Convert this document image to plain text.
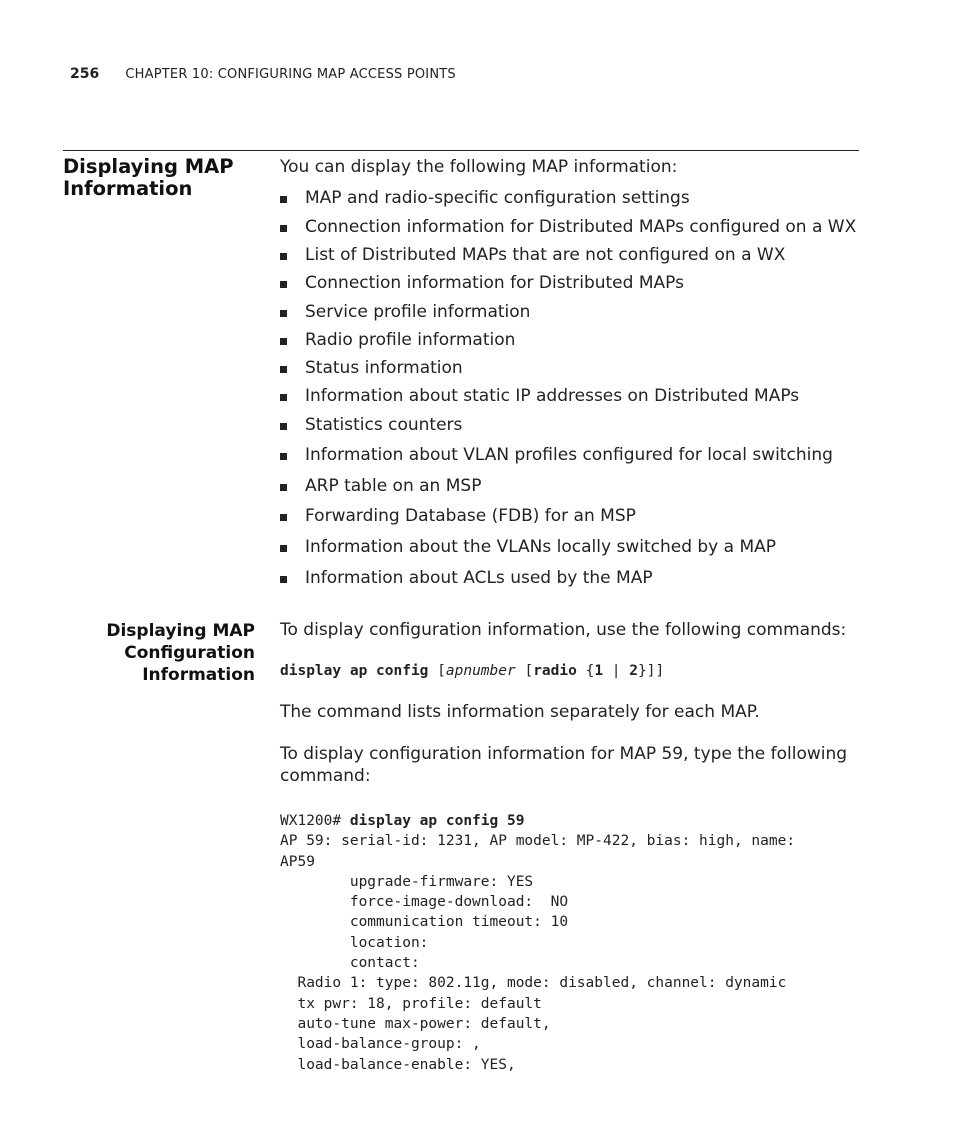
256 CHAPTER 10: CONFIGURING MAP ACCESS POINTS
Displaying MAP Information
You can display the following MAP information:
MAP and radio-specific configuration settings
Connection information for Distributed MAPs configured on a WX
List of Distributed MAPs that are not configured on a WX
Connection information for Distributed MAPs
Service profile information
Radio profile information
Status information
Information about static IP addresses on Distributed MAPs
Statistics counters
Information about VLAN profiles configured for local switching
ARP table on an MSP
Forwarding Database (FDB) for an MSP
Information about the VLANs locally switched by a MAP
Information about ACLs used by the MAP
Displaying MAP Configuration Information
To display configuration information, use the following commands:
display ap config [apnumber [radio {1 | 2}]]
The command lists information separately for each MAP.
To display configuration information for MAP 59, type the following command:
WX1200# display ap config 59
AP 59: serial-id: 1231, AP model: MP-422, bias: high, name:
AP59
upgrade-firmware: YES
force-image-download:  NO
communication timeout: 10
location:
contact:
Radio 1: type: 802.11g, mode: disabled, channel: dynamic
tx pwr: 18, profile: default
auto-tune max-power: default,
load-balance-group: ,
load-balance-enable: YES,
